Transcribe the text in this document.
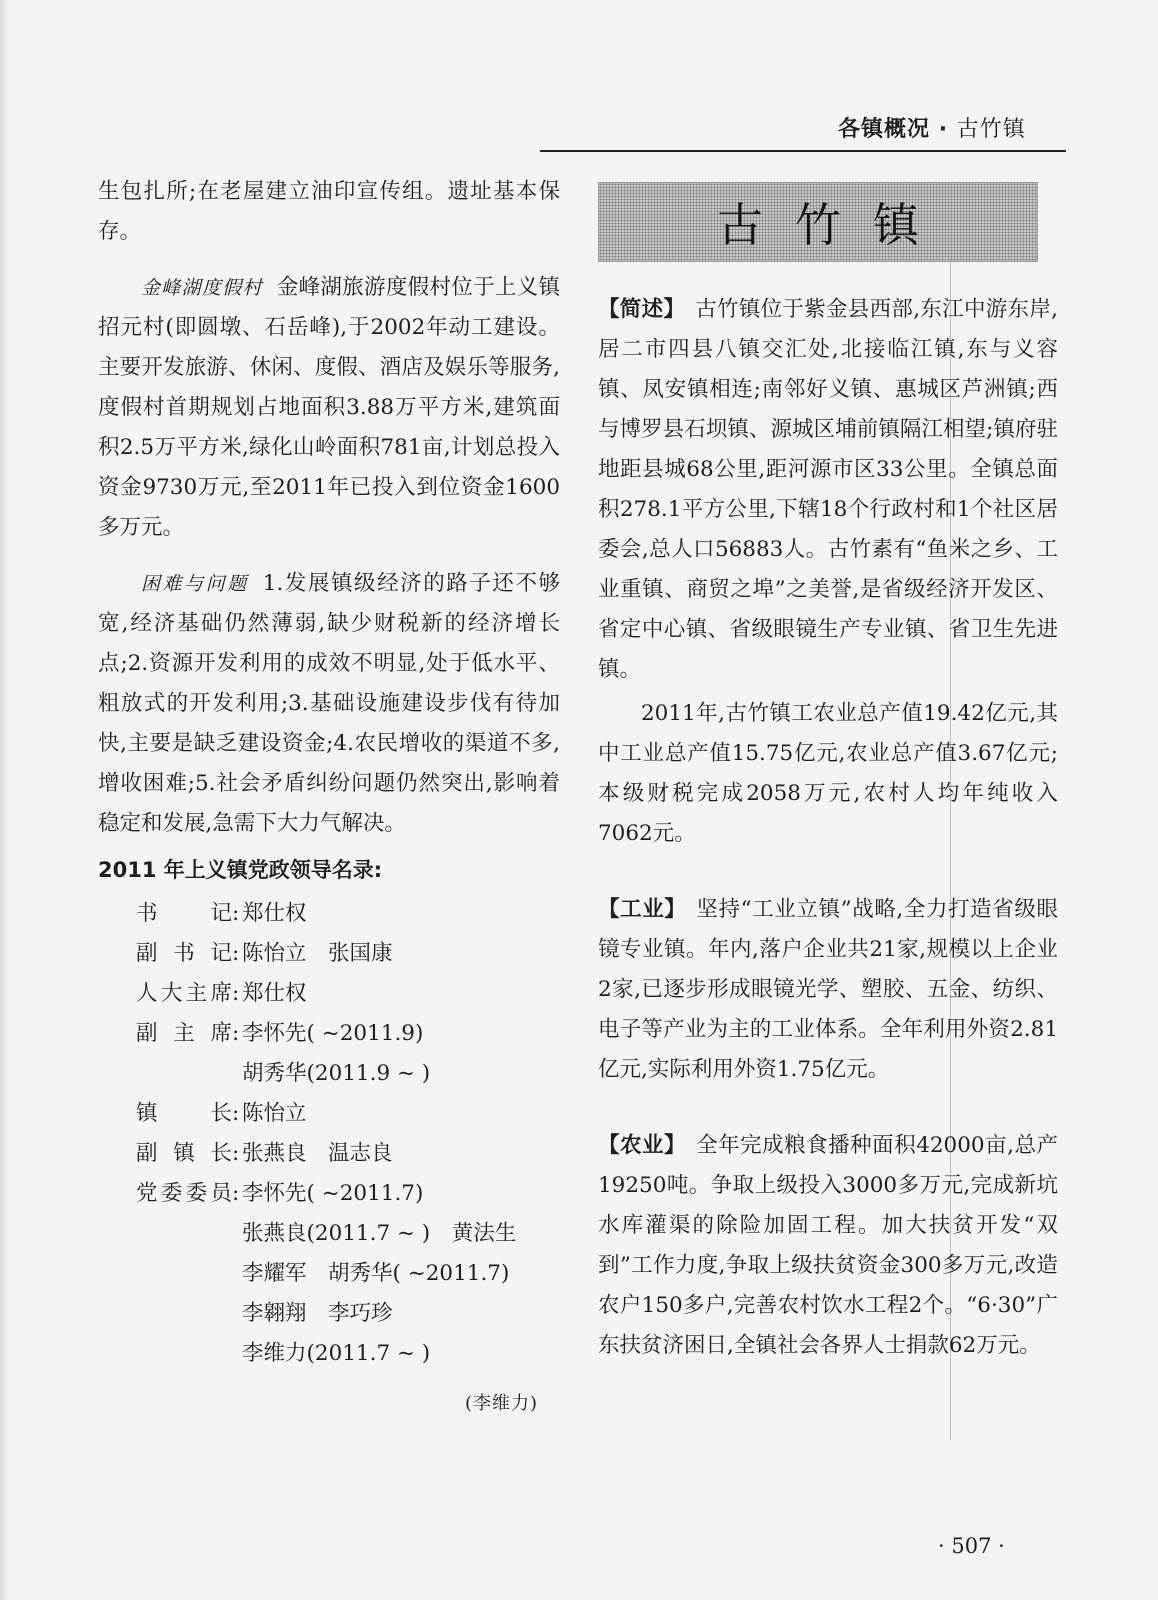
各镇概况 · 古竹镇

生包扎所;在老屋建立油印宣传组。遗址基本保存。

金峰湖度假村 金峰湖旅游度假村位于上义镇招元村(即圆墩、石岳峰),于2002年动工建设。主要开发旅游、休闲、度假、酒店及娱乐等服务,度假村首期规划占地面积3.88万平方米,建筑面积2.5万平方米,绿化山岭面积781亩,计划总投入资金9730万元,至2011年已投入到位资金1600多万元。

困难与问题 1.发展镇级经济的路子还不够宽,经济基础仍然薄弱,缺少财税新的经济增长点;2.资源开发利用的成效不明显,处于低水平、粗放式的开发利用;3.基础设施建设步伐有待加快,主要是缺乏建设资金;4.农民增收的渠道不多,增收困难;5.社会矛盾纠纷问题仍然突出,影响着稳定和发展,急需下大力气解决。

2011 年上义镇党政领导名录:
书记 : 郑仕权
副书记 : 陈怡立　张国康
人大主席 : 郑仕权
副主席 : 李怀先( ~2011.9)
胡秀华(2011.9 ~ )
镇长 : 陈怡立
副镇长 : 张燕良　温志良
党委委员 : 李怀先( ~2011.7)
张燕良(2011.7 ~ )　黄法生
李耀军　胡秀华( ~2011.7)
李翱翔　李巧珍
李维力(2011.7 ~ )
(李维力)
古竹镇

【简述】 古竹镇位于紫金县西部,东江中游东岸,居二市四县八镇交汇处,北接临江镇,东与义容镇、凤安镇相连;南邻好义镇、惠城区芦洲镇;西与博罗县石坝镇、源城区埔前镇隔江相望;镇府驻地距县城68公里,距河源市区33公里。全镇总面积278.1平方公里,下辖18个行政村和1个社区居委会,总人口56883人。古竹素有“鱼米之乡、工业重镇、商贸之埠”之美誉,是省级经济开发区、省定中心镇、省级眼镜生产专业镇、省卫生先进镇。

2011年,古竹镇工农业总产值19.42亿元,其中工业总产值15.75亿元,农业总产值3.67亿元;本级财税完成2058万元,农村人均年纯收入7062元。

【工业】 坚持“工业立镇”战略,全力打造省级眼镜专业镇。年内,落户企业共21家,规模以上企业2家,已逐步形成眼镜光学、塑胶、五金、纺织、电子等产业为主的工业体系。全年利用外资2.81亿元,实际利用外资1.75亿元。

【农业】 全年完成粮食播种面积42000亩,总产19250吨。争取上级投入3000多万元,完成新坑水库灌渠的除险加固工程。加大扶贫开发“双到”工作力度,争取上级扶贫资金300多万元,改造农户150多户,完善农村饮水工程2个。“6·30”广东扶贫济困日,全镇社会各界人士捐款62万元。

· 507 ·
